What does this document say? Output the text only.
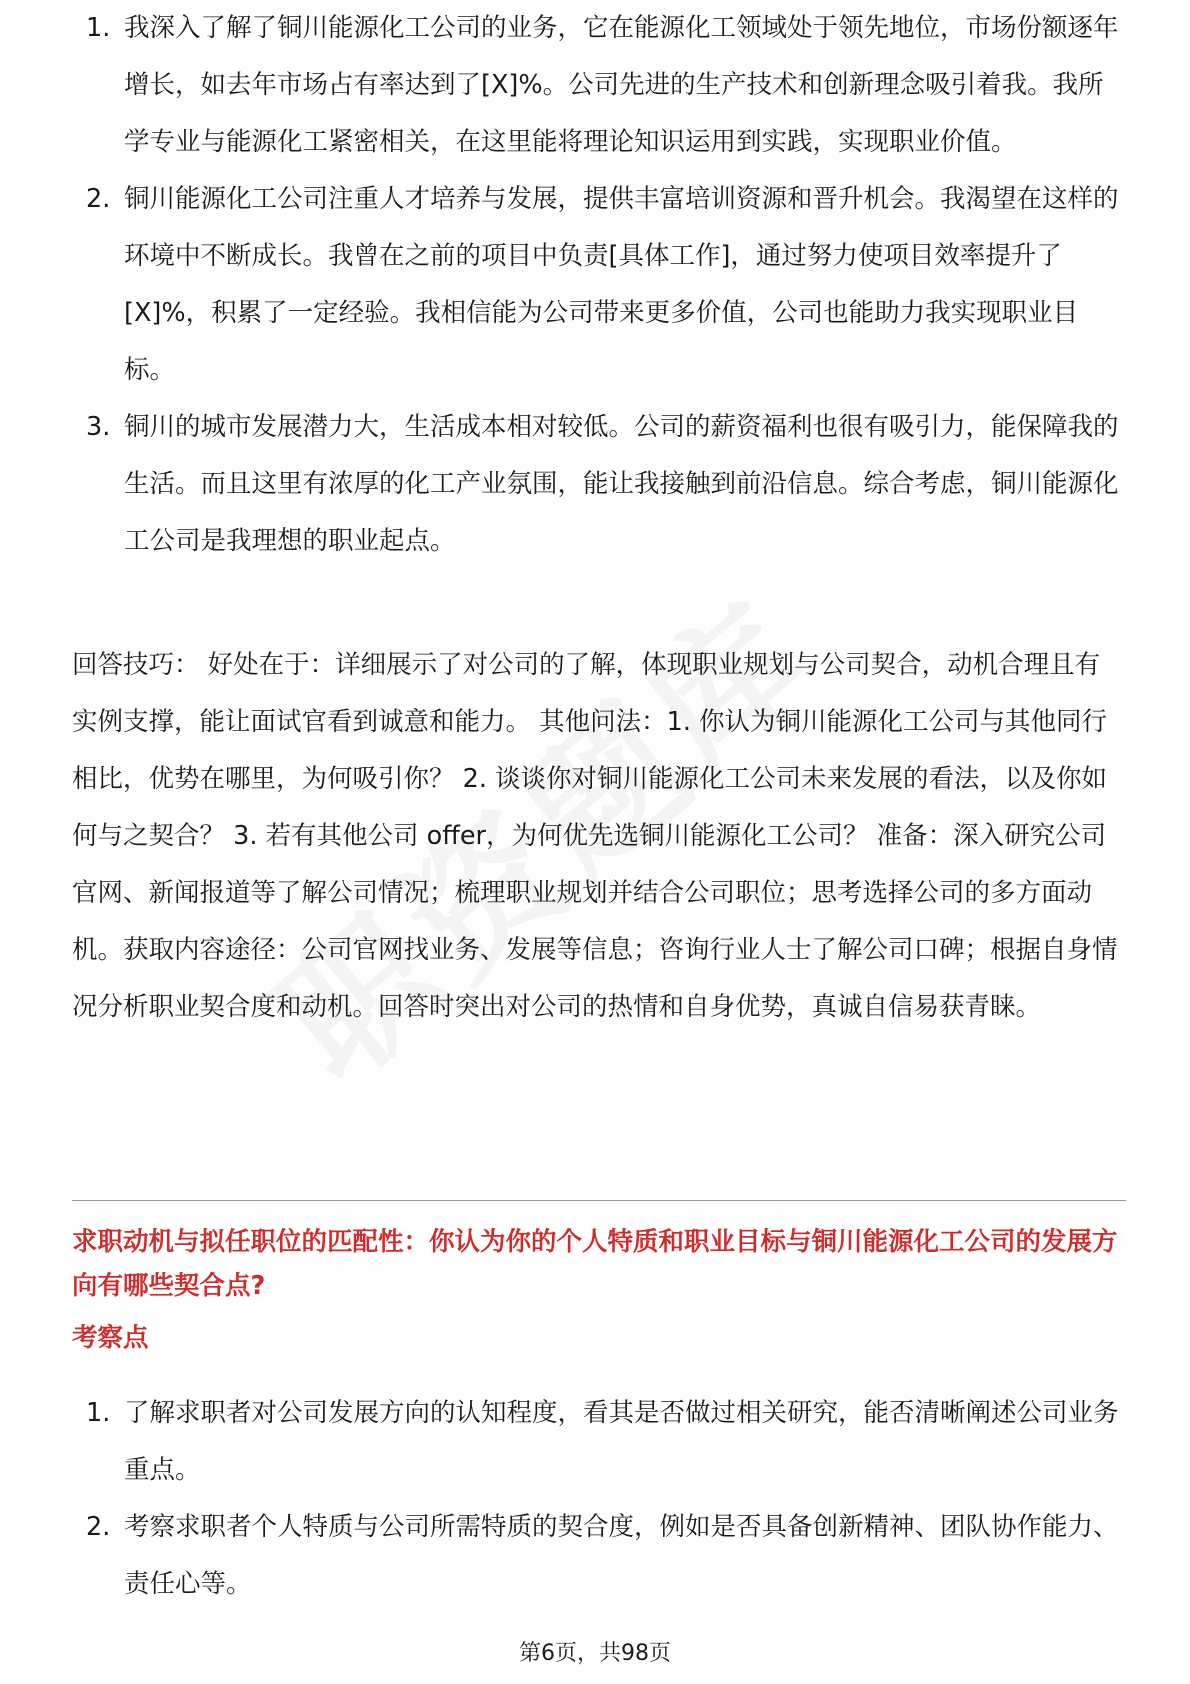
1. 我深入了解了铜川能源化工公司的业务，它在能源化工领域处于领先地位，市场份额逐年增长，如去年市场占有率达到了[X]%。公司先进的生产技术和创新理念吸引着我。我所学专业与能源化工紧密相关，在这里能将理论知识运用到实践，实现职业价值。
2. 铜川能源化工公司注重人才培养与发展，提供丰富培训资源和晋升机会。我渴望在这样的环境中不断成长。我曾在之前的项目中负责[具体工作]，通过努力使项目效率提升了[X]%，积累了一定经验。我相信能为公司带来更多价值，公司也能助力我实现职业目标。
3. 铜川的城市发展潜力大，生活成本相对较低。公司的薪资福利也很有吸引力，能保障我的生活。而且这里有浓厚的化工产业氛围，能让我接触到前沿信息。综合考虑，铜川能源化工公司是我理想的职业起点。

回答技巧： 好处在于：详细展示了对公司的了解，体现职业规划与公司契合，动机合理且有实例支撑，能让面试官看到诚意和能力。 其他问法：1. 你认为铜川能源化工公司与其他同行相比，优势在哪里，为何吸引你？ 2. 谈谈你对铜川能源化工公司未来发展的看法，以及你如何与之契合？ 3. 若有其他公司 offer，为何优先选铜川能源化工公司？ 准备：深入研究公司官网、新闻报道等了解公司情况；梳理职业规划并结合公司职位；思考选择公司的多方面动机。获取内容途径：公司官网找业务、发展等信息；咨询行业人士了解公司口碑；根据自身情况分析职业契合度和动机。回答时突出对公司的热情和自身优势，真诚自信易获青睐。

求职动机与拟任职位的匹配性：你认为你的个人特质和职业目标与铜川能源化工公司的发展方向有哪些契合点?

考察点

1. 了解求职者对公司发展方向的认知程度，看其是否做过相关研究，能否清晰阐述公司业务重点。
2. 考察求职者个人特质与公司所需特质的契合度，例如是否具备创新精神、团队协作能力、责任心等。
第6页，共98页
